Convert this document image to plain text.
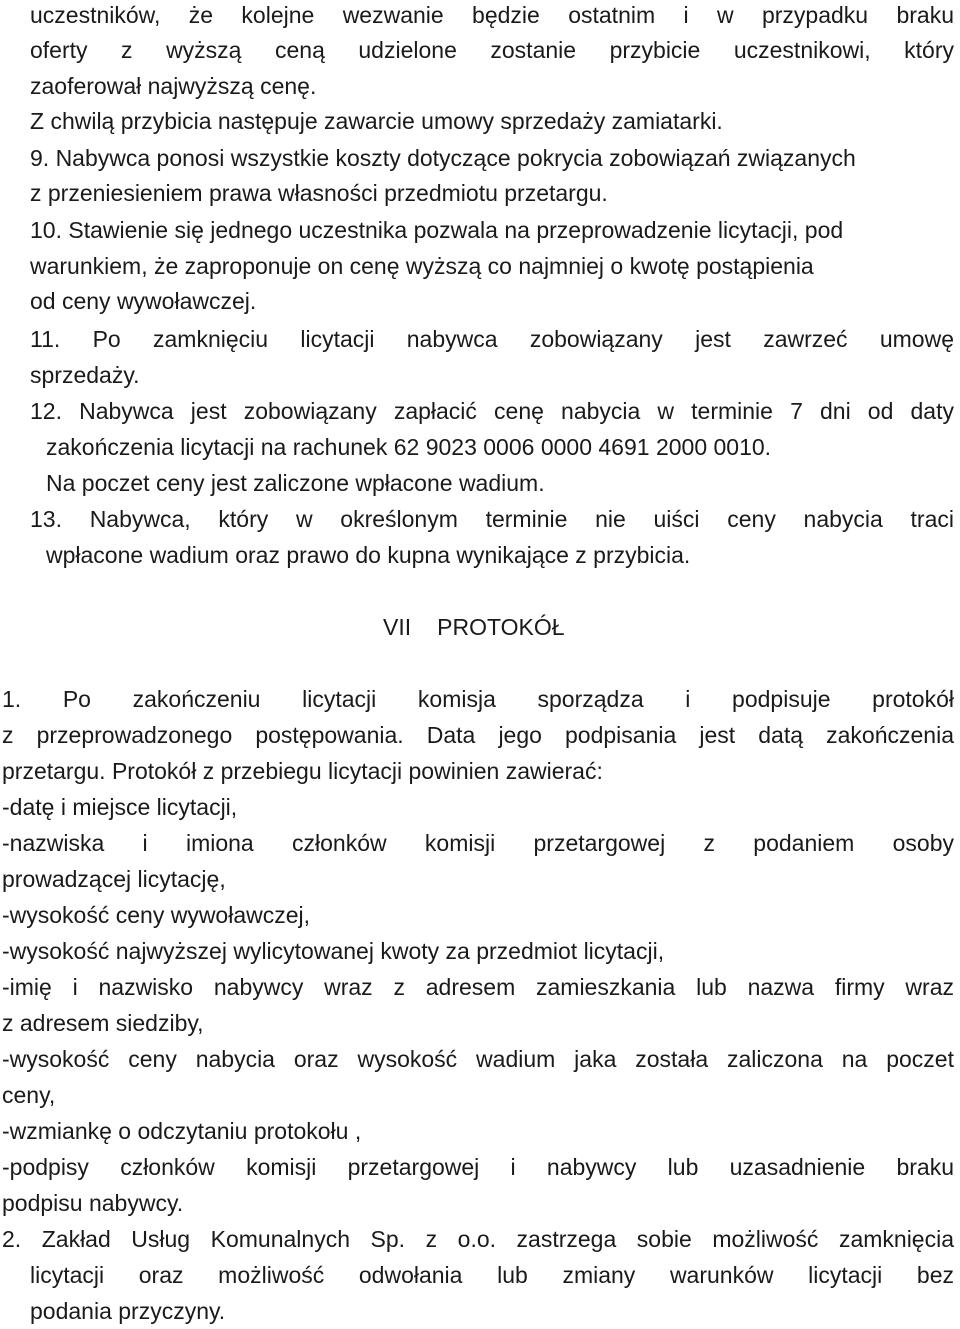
uczestników, że kolejne wezwanie będzie ostatnim i w przypadku braku
oferty z wyższą ceną udzielone zostanie przybicie uczestnikowi, który
zaoferował najwyższą cenę.
Z chwilą przybicia następuje zawarcie umowy sprzedaży zamiatarki.
9. Nabywca ponosi wszystkie koszty dotyczące pokrycia zobowiązań związanych
z przeniesieniem prawa własności przedmiotu przetargu.
10. Stawienie się jednego uczestnika pozwala na przeprowadzenie licytacji, pod
warunkiem, że zaproponuje on cenę wyższą co najmniej o kwotę postąpienia
od ceny wywoławczej.
11. Po zamknięciu licytacji nabywca zobowiązany jest zawrzeć umowę
sprzedaży.
12. Nabywca jest zobowiązany zapłacić cenę nabycia w terminie 7 dni od daty
zakończenia licytacji na rachunek 62 9023 0006 0000 4691 2000 0010.
Na poczet ceny jest zaliczone wpłacone wadium.
13. Nabywca, który w określonym terminie nie uiści ceny nabycia traci
wpłacone wadium oraz prawo do kupna wynikające z przybicia.
VII PROTOKÓŁ
1. Po zakończeniu licytacji komisja sporządza i podpisuje protokół
z przeprowadzonego postępowania. Data jego podpisania jest datą zakończenia
przetargu. Protokół z przebiegu licytacji powinien zawierać:
-datę i miejsce licytacji,
-nazwiska i imiona członków komisji przetargowej z podaniem osoby
prowadzącej licytację,
-wysokość ceny wywoławczej,
-wysokość najwyższej wylicytowanej kwoty za przedmiot licytacji,
-imię i nazwisko nabywcy wraz z adresem zamieszkania lub nazwa firmy wraz
z adresem siedziby,
-wysokość ceny nabycia oraz wysokość wadium jaka została zaliczona na poczet
ceny,
-wzmiankę o odczytaniu protokołu ,
-podpisy członków komisji przetargowej i nabywcy lub uzasadnienie braku
podpisu nabywcy.
2. Zakład Usług Komunalnych Sp. z o.o. zastrzega sobie możliwość zamknięcia
licytacji oraz możliwość odwołania lub zmiany warunków licytacji bez
podania przyczyny.
